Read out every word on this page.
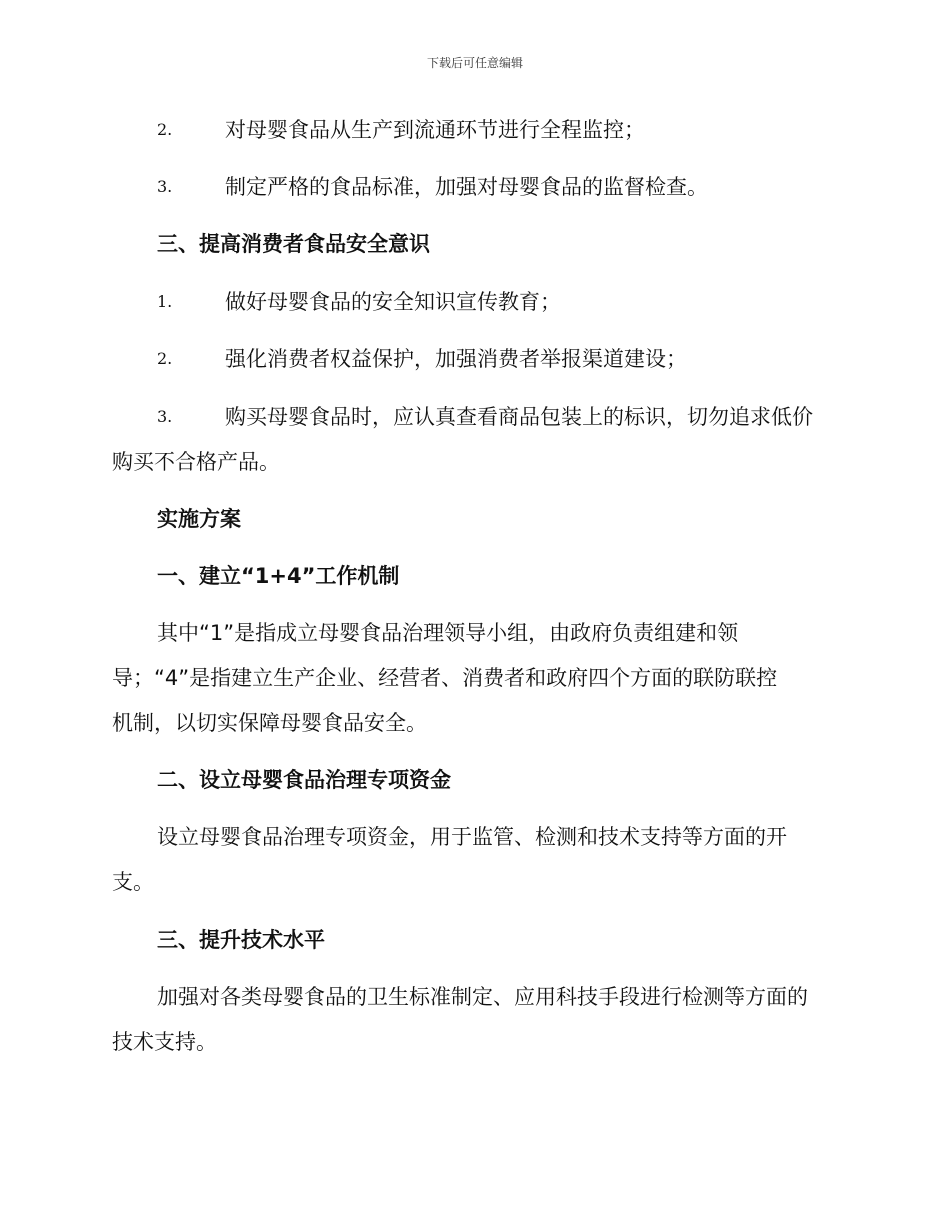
下载后可任意编辑
2.	对母婴食品从生产到流通环节进行全程监控；
3.	制定严格的食品标准，加强对母婴食品的监督检查。
三、提高消费者食品安全意识
1.	做好母婴食品的安全知识宣传教育；
2.	强化消费者权益保护，加强消费者举报渠道建设；
3.	购买母婴食品时，应认真查看商品包装上的标识，切勿追求低价
购买不合格产品。
实施方案
一、建立“1+4”工作机制
其中“1”是指成立母婴食品治理领导小组，由政府负责组建和领
导；“4”是指建立生产企业、经营者、消费者和政府四个方面的联防联控
机制，以切实保障母婴食品安全。
二、设立母婴食品治理专项资金
设立母婴食品治理专项资金，用于监管、检测和技术支持等方面的开
支。
三、提升技术水平
加强对各类母婴食品的卫生标准制定、应用科技手段进行检测等方面的
技术支持。
